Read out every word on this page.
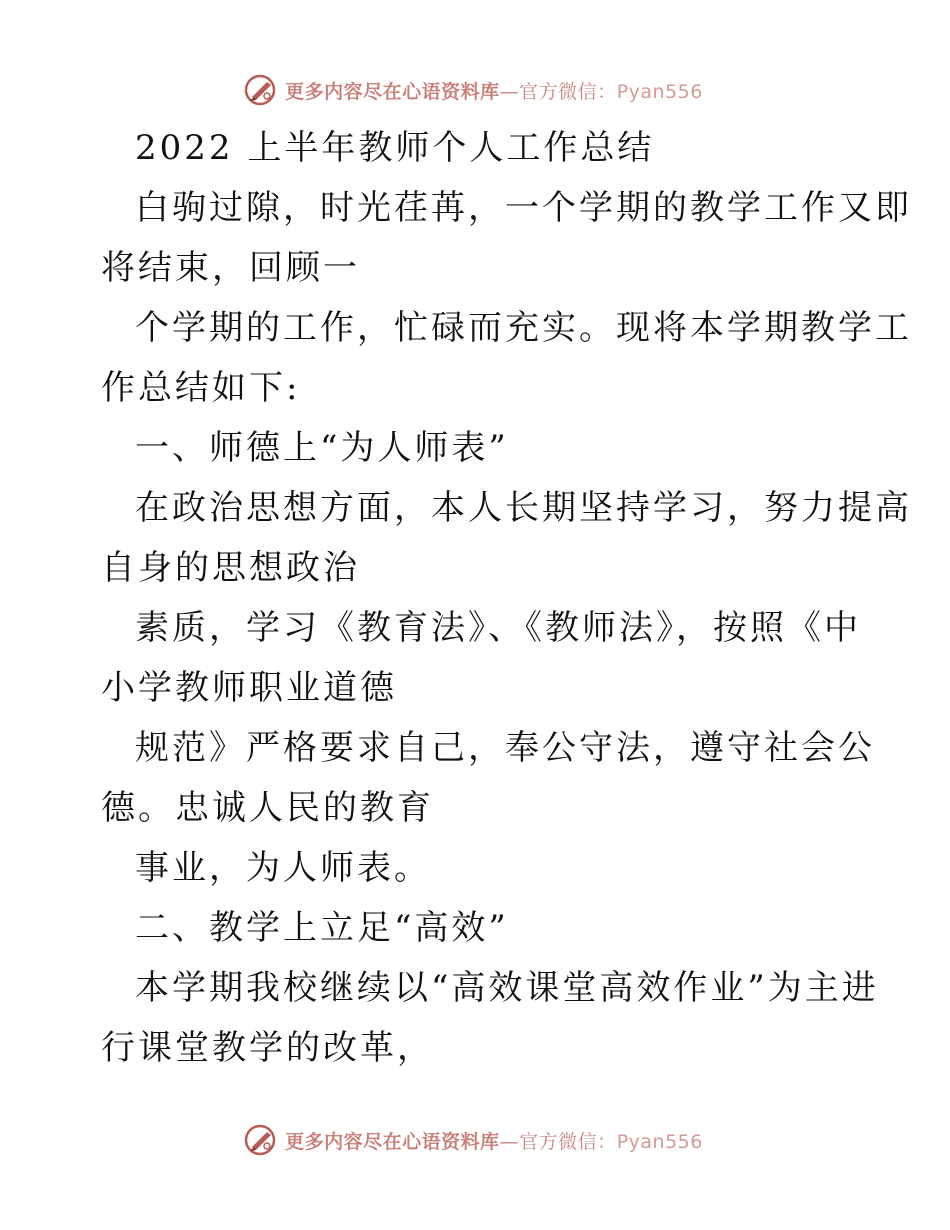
更多内容尽在心语资料库—官方微信：Pyan556
2022 上半年教师个人工作总结
白驹过隙，时光荏苒，一个学期的教学工作又即
将结束，回顾一
个学期的工作，忙碌而充实。现将本学期教学工
作总结如下:
一、师德上“为人师表”
在政治思想方面，本人长期坚持学习，努力提高
自身的思想政治
素质，学习《教育法》、《教师法》，按照《中
小学教师职业道德
规范》严格要求自己，奉公守法，遵守社会公
德。忠诚人民的教育
事业，为人师表。
二、教学上立足“高效”
本学期我校继续以“高效课堂高效作业”为主进
行课堂教学的改革，
更多内容尽在心语资料库—官方微信：Pyan556
